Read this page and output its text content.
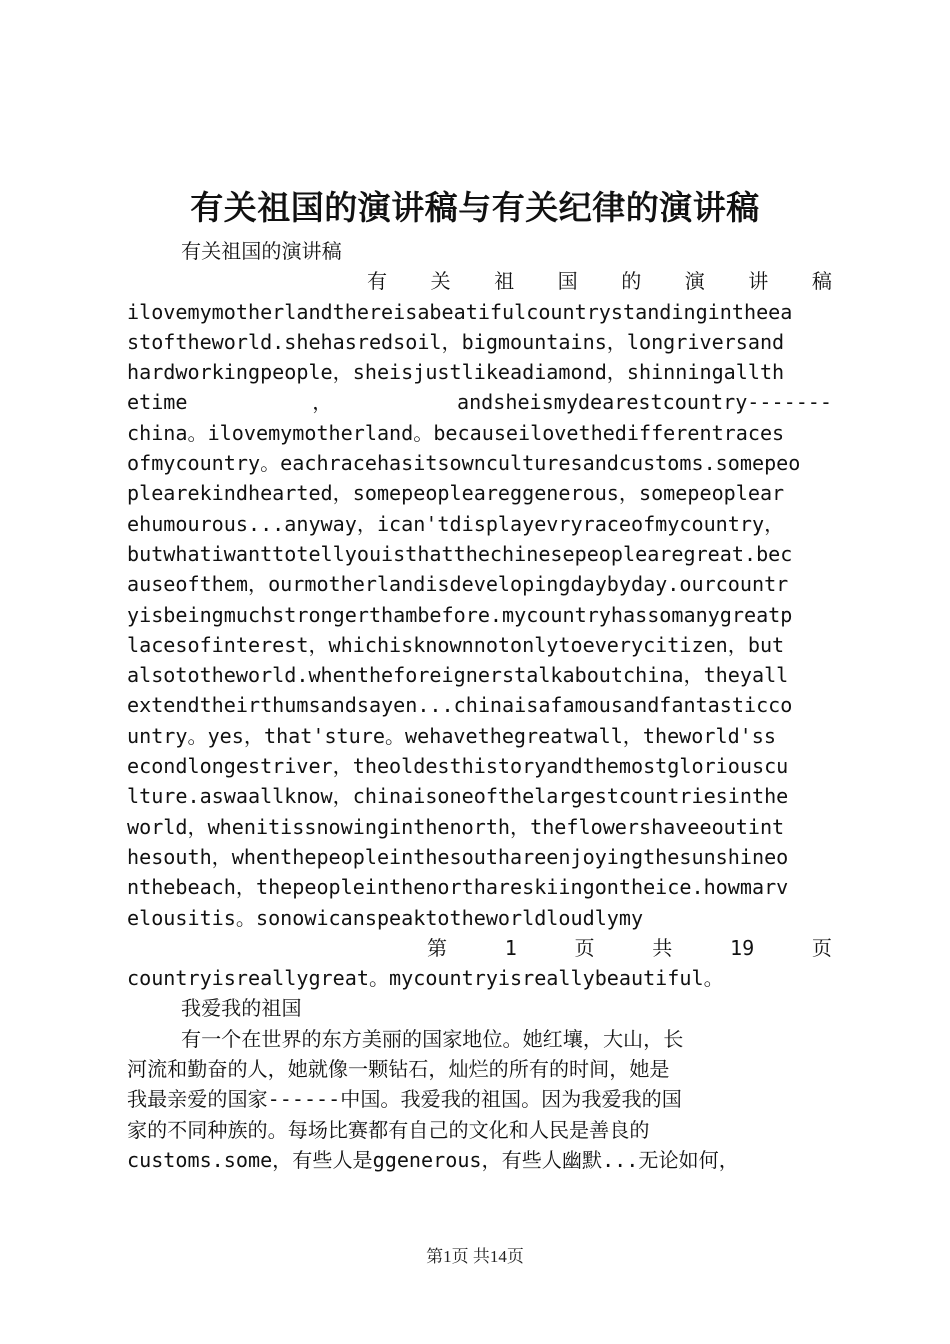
有关祖国的演讲稿与有关纪律的演讲稿
有关祖国的演讲稿
有 关 祖 国 的 演 讲 稿
ilovemymotherlandthereisabeatifulcountrystandingintheea
stoftheworld.shehasredsoil，bigmountains，longriversand
hardworkingpeople，sheisjustlikeadiamond，shinningallth
etime	，	andsheismydearestcountry-------
china。ilovemymotherland。becauseilovethedifferentraces
ofmycountry。eachracehasitsownculturesandcustoms.somepeo
plearekindhearted，somepeopleareggenerous，somepeoplear
ehumourous...anyway，ican'tdisplayevryraceofmycountry，
butwhatiwanttotellyouisthatthechinesepeoplearegreat.bec
auseofthem，ourmotherlandisdevelopingdaybyday.ourcountr
yisbeingmuchstrongerthambefore.mycountryhassomanygreatp
lacesofinterest，whichisknownnotonlytoeverycitizen，but
alsototheworld.whentheforeignerstalkaboutchina，theyall
extendtheirthumsandsayen...chinaisafamousandfantasticco
untry。yes，that'sture。wehavethegreatwall，theworld'ss
econdlongestriver，theoldesthistoryandthemostgloriouscu
lture.aswaallknow，chinaisoneofthelargestcountriesinthe
world，whenitissnowinginthenorth，theflowershaveeoutint
hesouth，whenthepeopleinthesouthareenjoyingthesunshineo
nthebeach，thepeopleinthenorthareskiingontheice.howmarv
elousitis。sonowicanspeaktotheworldloudlymy
第	1	页	共	19	页
countryisreallygreat。mycountryisreallybeautiful。
我爱我的祖国
有一个在世界的东方美丽的国家地位。她红壤，大山，长
河流和勤奋的人，她就像一颗钻石，灿烂的所有的时间，她是
我最亲爱的国家------中国。我爱我的祖国。因为我爱我的国
家的不同种族的。每场比赛都有自己的文化和人民是善良的
customs.some，有些人是ggenerous，有些人幽默...无论如何，
第1页 共14页
